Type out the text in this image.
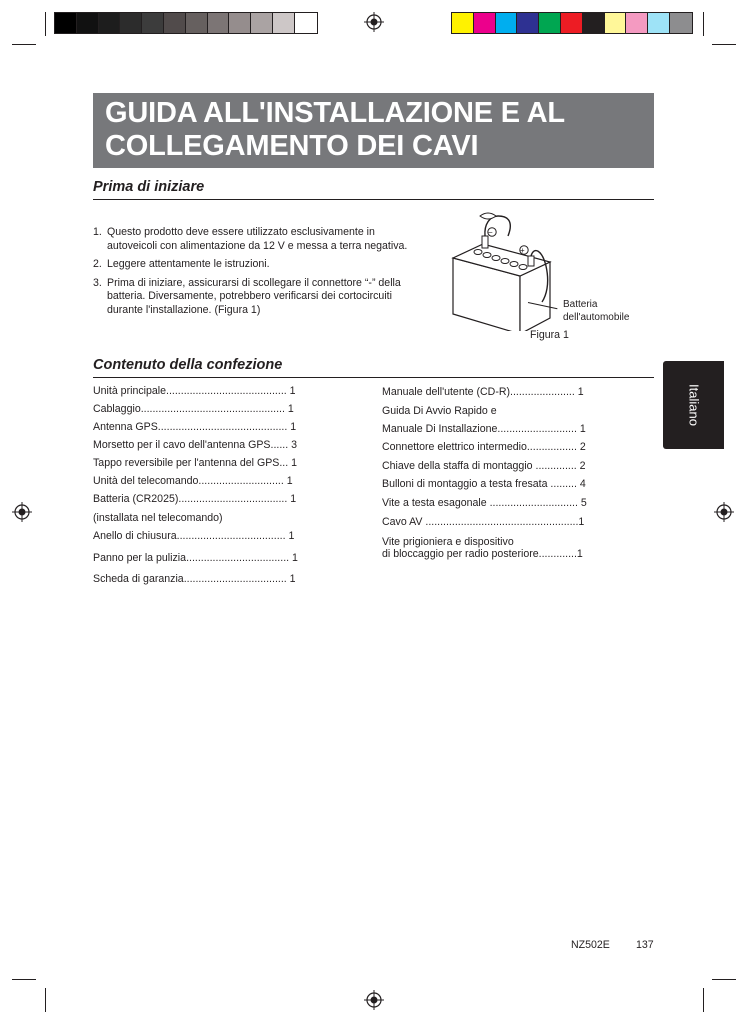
GUIDA ALL'INSTALLAZIONE E AL
COLLEGAMENTO DEI CAVI
Prima di iniziare
1. Questo prodotto deve essere utilizzato esclusivamente in autoveicoli con alimentazione da 12 V e messa a terra negativa.
2. Leggere attentamente le istruzioni.
3. Prima di iniziare, assicurarsi di scollegare il connettore “-” della batteria. Diversamente, potrebbero verificarsi dei cortocircuiti durante l'installazione. (Figura 1)
−
+
Batteria
dell'automobile
Figura 1
Contenuto della confezione
Unità principale......................................... 1
Cablaggio................................................. 1
Antenna GPS............................................ 1
Morsetto per il cavo dell'antenna GPS...... 3
Tappo reversibile per l'antenna del GPS... 1
Unità del telecomando............................. 1
Batteria (CR2025)..................................... 1
(installata nel telecomando)
Anello di chiusura..................................... 1
Panno per la pulizia................................... 1
Scheda di garanzia................................... 1
Manuale dell'utente (CD-R)...................... 1
Guida Di Avvio Rapido e
Manuale Di Installazione........................... 1
Connettore elettrico intermedio................. 2
Chiave della staffa di montaggio .............. 2
Bulloni di montaggio a testa fresata ......... 4
Vite a testa esagonale .............................. 5
Cavo AV ....................................................1
Vite prigioniera e dispositivo
di bloccaggio per radio posteriore.............1
Italiano
NZ502E 137
